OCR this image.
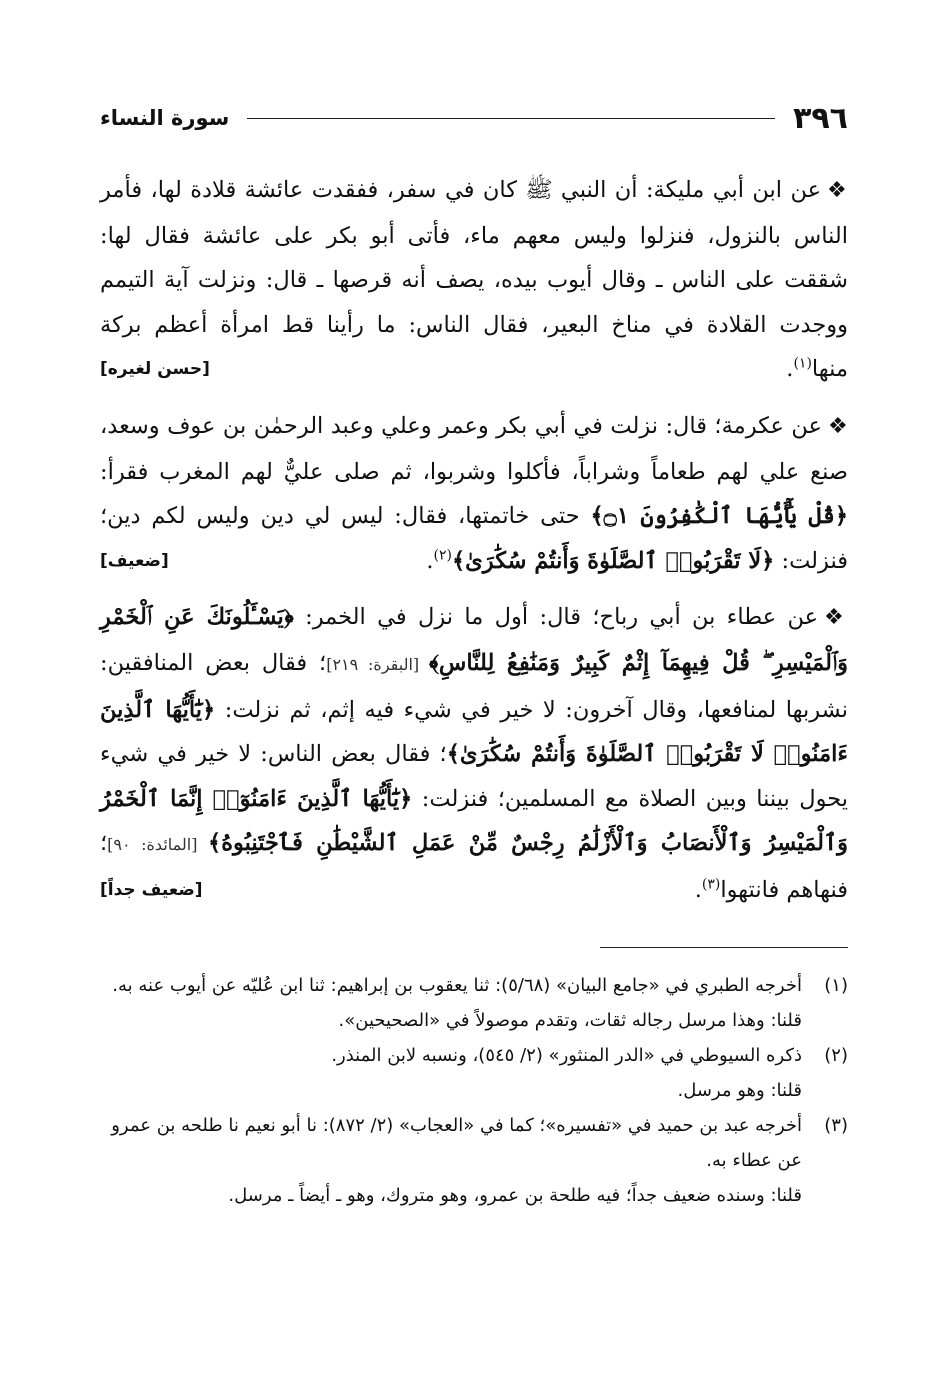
٣٩٦
سورة النساء

❖عن ابن أبي مليكة: أن النبي ﷺ كان في سفر، ففقدت عائشة قلادة لها، فأمر الناس بالنزول، فنزلوا وليس معهم ماء، فأتى أبو بكر على عائشة فقال لها: شققت على الناس ـ وقال أيوب بيده، يصف أنه قرصها ـ قال: ونزلت آية التيمم ووجدت القلادة في مناخ البعير، فقال الناس: ما رأينا قط امرأة أعظم بركة منها$^{(١)}$.
[حسن لغيره]

❖عن عكرمة؛ قال: نزلت في أبي بكر وعمر وعلي وعبد الرحمٰن بن عوف وسعد، صنع علي لهم طعاماً وشراباً، فأكلوا وشربوا، ثم صلى عليٌّ لهم المغرب فقرأ: ﴿قُلْ يَٰٓأَيُّهَا ٱلْكَٰفِرُونَ ۝١﴾ حتى خاتمتها، فقال: ليس لي دين وليس لكم دين؛ فنزلت: ﴿لَا تَقْرَبُوا۟ ٱلصَّلَوٰةَ وَأَنتُمْ سُكَٰرَىٰ﴾$^{(٢)}$.
[ضعيف]

❖عن عطاء بن أبي رباح؛ قال: أول ما نزل في الخمر: ﴿يَسْـَٔلُونَكَ عَنِ ٱلْخَمْرِ وَٱلْمَيْسِرِ ۖ قُلْ فِيهِمَآ إِثْمٌ كَبِيرٌ وَمَنَٰفِعُ لِلنَّاسِ﴾ [البقرة: ٢١٩]؛ فقال بعض المنافقين: نشربها لمنافعها، وقال آخرون: لا خير في شيء فيه إثم، ثم نزلت: ﴿يَٰٓأَيُّهَا ٱلَّذِينَ ءَامَنُوا۟ لَا تَقْرَبُوا۟ ٱلصَّلَوٰةَ وَأَنتُمْ سُكَٰرَىٰ﴾؛ فقال بعض الناس: لا خير في شيء يحول بيننا وبين الصلاة مع المسلمين؛ فنزلت: ﴿يَٰٓأَيُّهَا ٱلَّذِينَ ءَامَنُوٓا۟ إِنَّمَا ٱلْخَمْرُ وَٱلْمَيْسِرُ وَٱلْأَنصَابُ وَٱلْأَزْلَٰمُ رِجْسٌ مِّنْ عَمَلِ ٱلشَّيْطَٰنِ فَٱجْتَنِبُوهُ﴾ [المائدة: ٩٠]؛ فنهاهم فانتهوا$^{(٣)}$.
[ضعيف جداً]

(١)
أخرجه الطبري في «جامع البيان» (٥/٦٨): ثنا يعقوب بن إبراهيم: ثنا ابن عُليّه عن أيوب عنه به.
قلنا: وهذا مرسل رجاله ثقات، وتقدم موصولاً في «الصحيحين».
(٢)
ذكره السيوطي في «الدر المنثور» (٢/ ٥٤٥)، ونسبه لابن المنذر.
قلنا: وهو مرسل.
(٣)
أخرجه عبد بن حميد في «تفسيره»؛ كما في «العجاب» (٢/ ٨٧٢): نا أبو نعيم نا طلحه بن عمرو عن عطاء به.
قلنا: وسنده ضعيف جداً؛ فيه طلحة بن عمرو، وهو متروك، وهو ـ أيضاً ـ مرسل.
